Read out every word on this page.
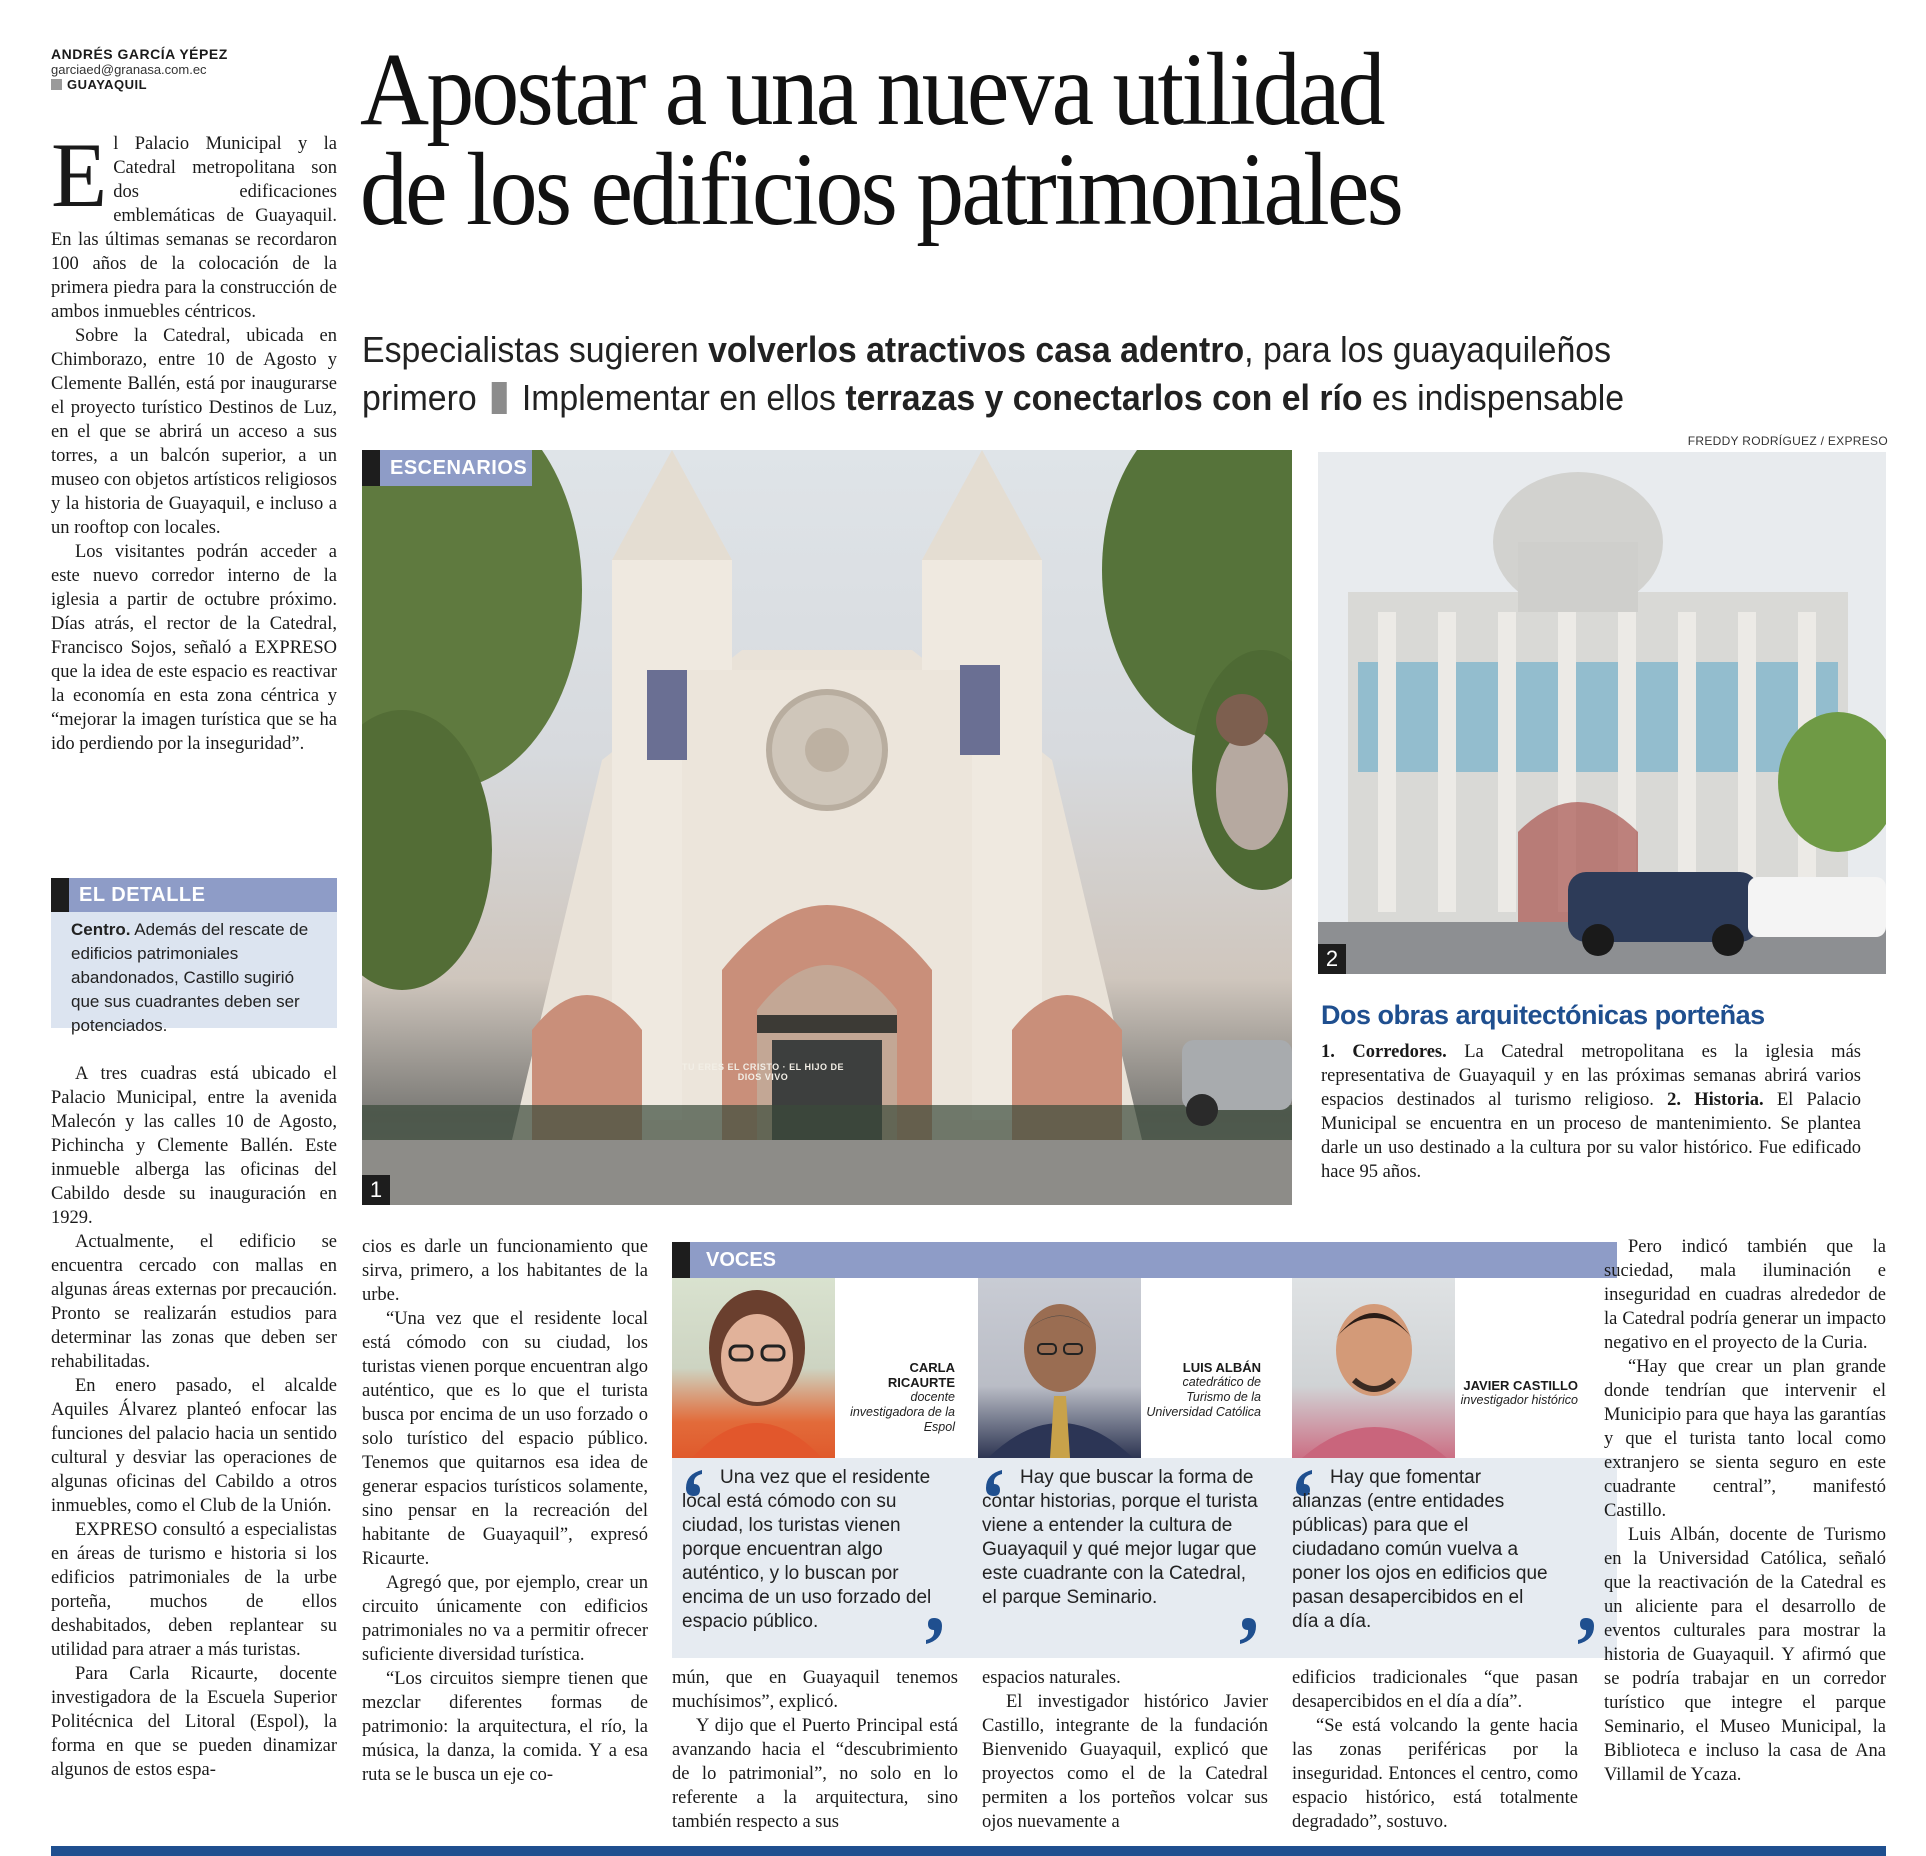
ANDRÉS GARCÍA YÉPEZ
garciaed@granasa.com.ec
GUAYAQUIL Apostar a una nueva utilidad
de los edificios patrimoniales
Especialistas sugieren volverlos atractivos casa adentro, para los guayaquileños
primero  Implementar en ellos terrazas y conectarlos con el río es indispensable
FREDDY RODRÍGUEZ / EXPRESO

El Palacio Municipal y la Catedral metropolitana son dos edificaciones emblemáticas de Guayaquil. En las últimas semanas se recordaron 100 años de la colocación de la primera piedra para la construcción de ambos inmuebles céntricos.

Sobre la Catedral, ubicada en Chimborazo, entre 10 de Agosto y Clemente Ballén, está por inaugurarse el proyecto turístico Destinos de Luz, en el que se abrirá un acceso a sus torres, a un balcón superior, a un museo con objetos artísticos religiosos y la historia de Guayaquil, e incluso a un rooftop con locales.

Los visitantes podrán acceder a este nuevo corredor interno de la iglesia a partir de octubre próximo. Días atrás, el rector de la Catedral, Francisco Sojos, señaló a EXPRESO que la idea de este espacio es reactivar la economía en esta zona céntrica y “mejorar la imagen turística que se ha ido perdiendo por la inseguridad”.

EL DETALLE
Centro. Además del rescate de edificios patrimoniales abandonados, Castillo sugirió que sus cuadrantes deben ser potenciados.

A tres cuadras está ubicado el Palacio Municipal, entre la avenida Malecón y las calles 10 de Agosto, Pichincha y Clemente Ballén. Este inmueble alberga las oficinas del Cabildo desde su inauguración en 1929.

Actualmente, el edificio se encuentra cercado con mallas en algunas áreas externas por precaución. Pronto se realizarán estudios para determinar las zonas que deben ser rehabilitadas.

En enero pasado, el alcalde Aquiles Álvarez planteó enfocar las funciones del palacio hacia un sentido cultural y desviar las operaciones de algunas oficinas del Cabildo a otros inmuebles, como el Club de la Unión.

EXPRESO consultó a especialistas en áreas de turismo e historia si los edificios patrimoniales de la urbe porteña, muchos de ellos deshabitados, deben replantear su utilidad para atraer a más turistas.

Para Carla Ricaurte, docente investigadora de la Escuela Superior Politécnica del Litoral (Espol), la forma en que se pueden dinamizar algunos de estos espa-

TU ERES EL CRISTO · EL HIJO DE DIOS VIVO
ESCENARIOS
1
2
Dos obras arquitectónicas porteñas
1. Corredores. La Catedral metropolitana es la iglesia más representativa de Guayaquil y en las próximas semanas abrirá varios espacios destinados al turismo religioso. 2. Historia. El Palacio Municipal se encuentra en un proceso de mantenimiento. Se plantea darle un uso destinado a la cultura por su valor histórico. Fue edificado hace 95 años.

cios es darle un funcionamiento que sirva, primero, a los habitantes de la urbe.

“Una vez que el residente local está cómodo con su ciudad, los turistas vienen porque encuentran algo auténtico, que es lo que el turista busca por encima de un uso forzado o solo turístico del espacio público. Tenemos que quitarnos esa idea de generar espacios turísticos solamente, sino pensar en la recreación del habitante de Guayaquil”, expresó Ricaurte.

Agregó que, por ejemplo, crear un circuito únicamente con edificios patrimoniales no va a permitir ofrecer suficiente diversidad turística.

“Los circuitos siempre tienen que mezclar diferentes formas de patrimonio: la arquitectura, el río, la música, la danza, la comida. Y a esa ruta se le busca un eje co-

VOCES
CARLA RICAURTE
docente investigadora de la Espol
LUIS ALBÁN
catedrático de Turismo de la Universidad Católica
JAVIER CASTILLO
investigador histórico
Una vez que el residente local está cómodo con su ciudad, los turistas vienen porque encuentran algo auténtico, y lo buscan por encima de un uso forzado del espacio público.
Hay que buscar la forma de contar historias, porque el turista viene a entender la cultura de Guayaquil y qué mejor lugar que este cuadrante con la Catedral, el parque Seminario.
Hay que fomentar alianzas (entre entidades públicas) para que el ciudadano común vuelva a poner los ojos en edificios que pasan desapercibidos en el día a día.

mún, que en Guayaquil tenemos muchísimos”, explicó.

Y dijo que el Puerto Principal está avanzando hacia el “descubrimiento de lo patrimonial”, no solo en lo referente a la arquitectura, sino también respecto a sus

espacios naturales.

El investigador histórico Javier Castillo, integrante de la fundación Bienvenido Guayaquil, explicó que proyectos como el de la Catedral permiten a los porteños volcar sus ojos nuevamente a

edificios tradicionales “que pasan desapercibidos en el día a día”.

“Se está volcando la gente hacia las zonas periféricas por la inseguridad. Entonces el centro, como espacio histórico, está totalmente degradado”, sostuvo.

Pero indicó también que la suciedad, mala iluminación e inseguridad en cuadras alrededor de la Catedral podría generar un impacto negativo en el proyecto de la Curia.

“Hay que crear un plan grande donde tendrían que intervenir el Municipio para que haya las garantías y que el turista tanto local como extranjero se sienta seguro en este cuadrante central”, manifestó Castillo.

Luis Albán, docente de Turismo en la Universidad Católica, señaló que la reactivación de la Catedral es un aliciente para el desarrollo de eventos culturales para mostrar la historia de Guayaquil. Y afirmó que se podría trabajar en un corredor turístico que integre el parque Seminario, el Museo Municipal, la Biblioteca e incluso la casa de Ana Villamil de Ycaza.
